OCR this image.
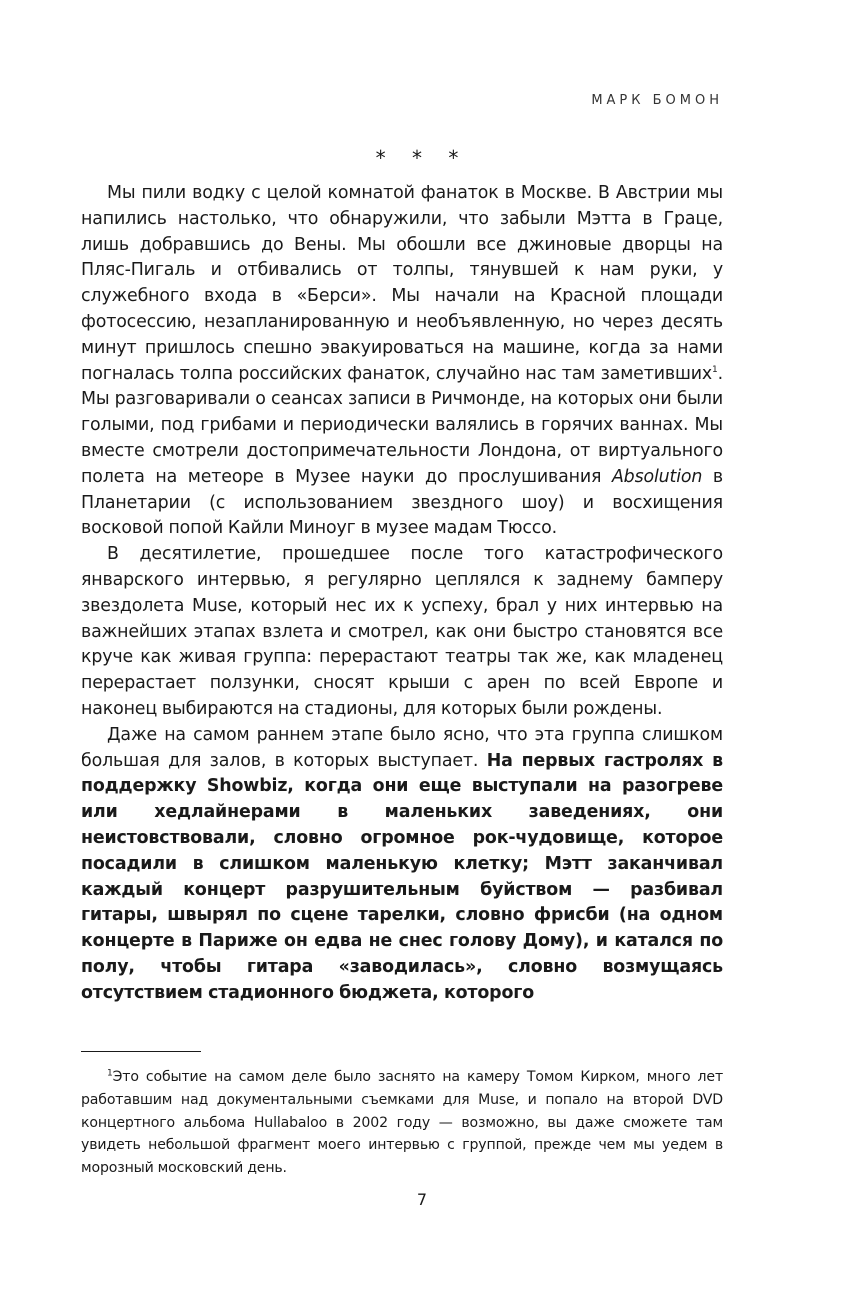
МАРК БОМОН
* * *

Мы пили водку с целой комнатой фанаток в Москве. В Австрии мы напились настолько, что обнаружили, что забыли Мэтта в Граце, лишь добравшись до Вены. Мы обошли все джиновые дворцы на Пляс-Пигаль и отбивались от толпы, тянувшей к нам руки, у служебного входа в «Берси». Мы начали на Красной площади фотосессию, незапланированную и необъявленную, но через десять минут пришлось спешно эвакуироваться на машине, когда за нами погналась толпа российских фанаток, случайно нас там заметивших$^1$. Мы разговаривали о сеансах записи в Ричмонде, на которых они были голыми, под грибами и периодически валялись в горячих ваннах. Мы вместе смотрели достопримечательности Лондона, от виртуального полета на метеоре в Музее науки до прослушивания Absolution в Планетарии (с использованием звездного шоу) и восхищения восковой попой Кайли Миноуг в музее мадам Тюссо.

В десятилетие, прошедшее после того катастрофического январского интервью, я регулярно цеплялся к заднему бамперу звездолета Muse, который нес их к успеху, брал у них интервью на важнейших этапах взлета и смотрел, как они быстро становятся все круче как живая группа: перерастают театры так же, как младенец перерастает ползунки, сносят крыши с арен по всей Европе и наконец выбираются на стадионы, для которых были рождены.

Даже на самом раннем этапе было ясно, что эта группа слишком большая для залов, в которых выступает. На первых гастролях в поддержку Showbiz, когда они еще выступали на разогреве или хедлайнерами в маленьких заведениях, они неистовствовали, словно огромное рок-чудовище, которое посадили в слишком маленькую клетку; Мэтт заканчивал каждый концерт разрушительным буйством — разбивал гитары, швырял по сцене тарелки, словно фрисби (на одном концерте в Париже он едва не снес голову Дому), и катался по полу, чтобы гитара «заводилась», словно возмущаясь отсутствием стадионного бюджета, которого

$^1$Это событие на самом деле было заснято на камеру Томом Кирком, много лет работавшим над документальными съемками для Muse, и попало на второй DVD концертного альбома Hullabaloo в 2002 году — возможно, вы даже сможете там увидеть небольшой фрагмент моего интервью с группой, прежде чем мы уедем в морозный московский день.

7
